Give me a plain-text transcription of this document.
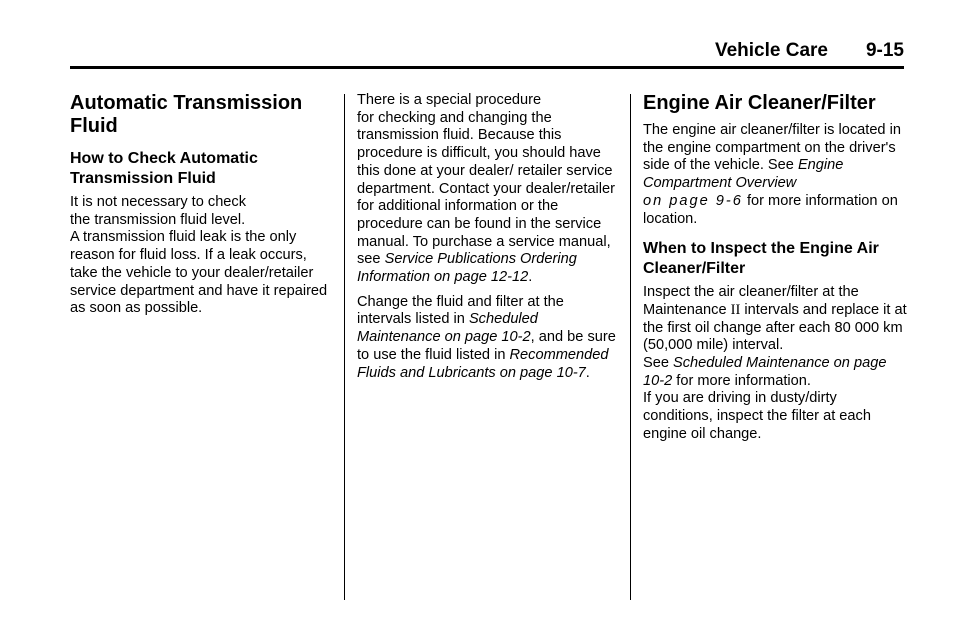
Vehicle Care 9-15
Automatic Transmission Fluid
How to Check Automatic Transmission Fluid

It is not necessary to check
the transmission fluid level.

A transmission fluid leak is the only reason for fluid loss. If a leak occurs, take the vehicle to your dealer/retailer service department and have it repaired as soon as possible.

There is a special procedure
for checking and changing the transmission fluid. Because this procedure is difficult, you should have this done at your dealer/ retailer service department. Contact your dealer/retailer for additional information or the procedure can be found in the service manual. To purchase a service manual, see Service Publications Ordering Information on page 12-12.

Change the fluid and filter at the intervals listed in Scheduled Maintenance on page 10-2, and be sure to use the fluid listed in Recommended Fluids and Lubricants on page 10-7.

Engine Air Cleaner/Filter

The engine air cleaner/filter is located in the engine compartment on the driver's side of the vehicle. See Engine Compartment Overview
on page 9-6 for more information on location.

When to Inspect the Engine Air Cleaner/Filter

Inspect the air cleaner/filter at the Maintenance II intervals and replace it at the first oil change after each 80 000 km (50,000 mile) interval.

See Scheduled Maintenance on page 10-2 for more information.

If you are driving in dusty/dirty conditions, inspect the filter at each engine oil change.
